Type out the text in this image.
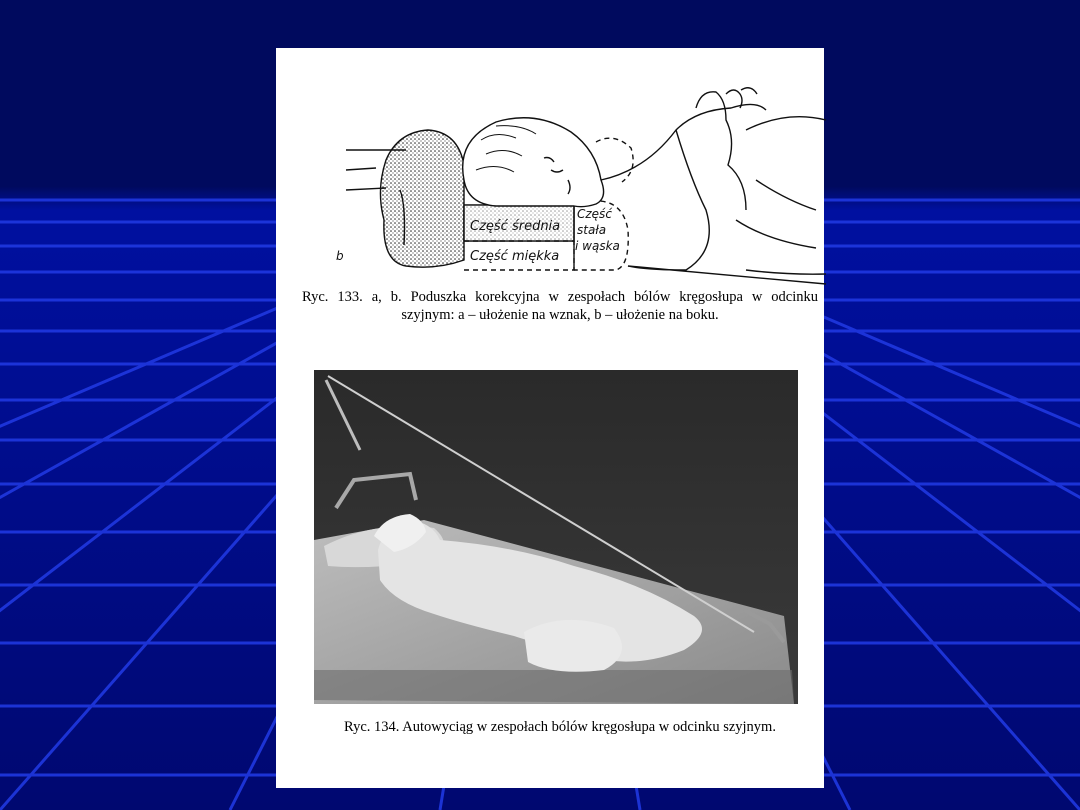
Część średnia
Część miękka
Część
stała
i wąska
b
Ryc. 133. a, b. Poduszka korekcyjna w zespołach bólów kręgosłupa w odcinku
szyjnym: a – ułożenie na wznak, b – ułożenie na boku.
Ryc. 134. Autowyciąg w zespołach bólów kręgosłupa w odcinku szyjnym.
